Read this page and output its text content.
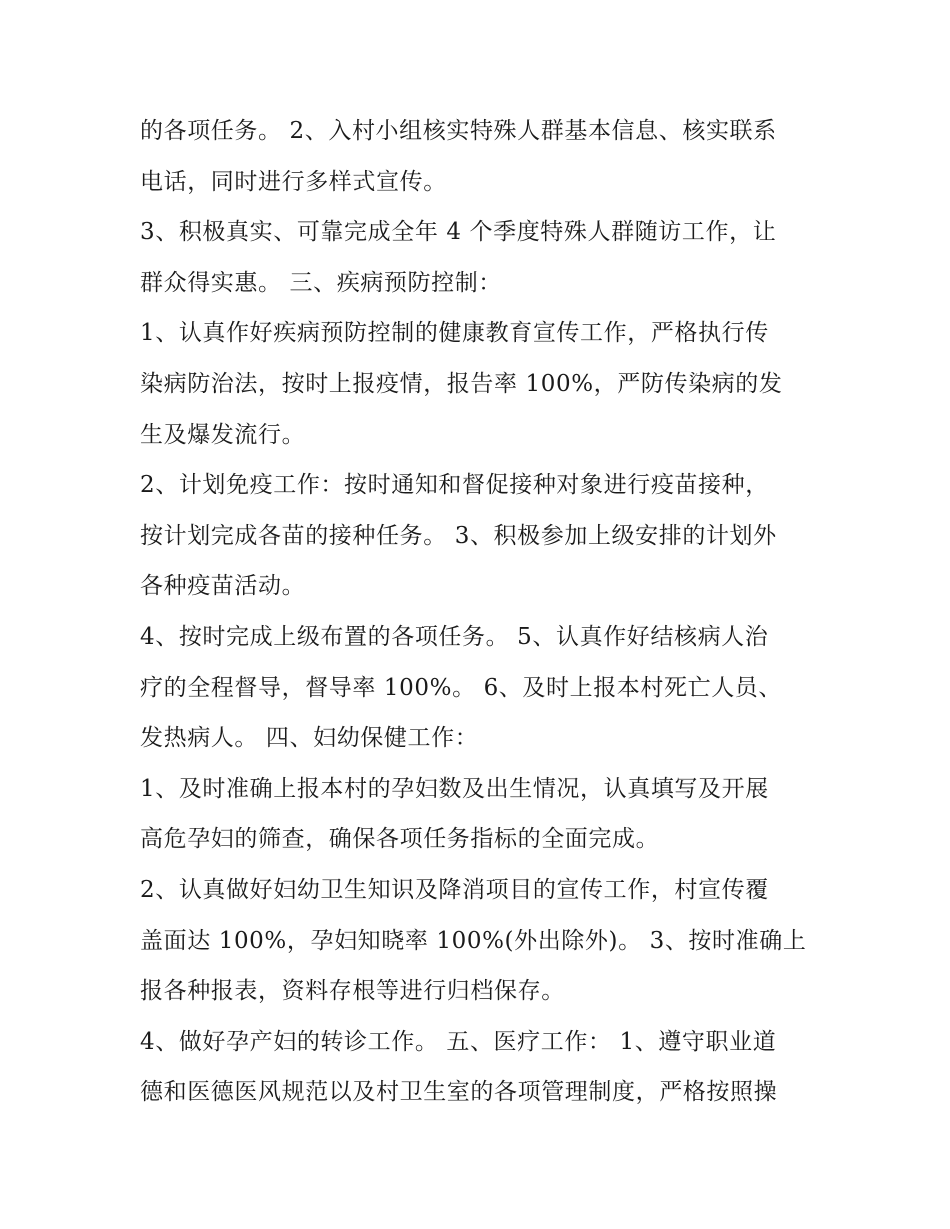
的各项任务。 2、入村小组核实特殊人群基本信息、核实联系
电话，同时进行多样式宣传。
3、积极真实、可靠完成全年 4 个季度特殊人群随访工作，让
群众得实惠。 三、疾病预防控制：
1、认真作好疾病预防控制的健康教育宣传工作，严格执行传
染病防治法，按时上报疫情，报告率 100%，严防传染病的发
生及爆发流行。
2、计划免疫工作：按时通知和督促接种对象进行疫苗接种，
按计划完成各苗的接种任务。 3、积极参加上级安排的计划外
各种疫苗活动。
4、按时完成上级布置的各项任务。 5、认真作好结核病人治
疗的全程督导，督导率 100%。 6、及时上报本村死亡人员、
发热病人。 四、妇幼保健工作：
1、及时准确上报本村的孕妇数及出生情况，认真填写及开展
高危孕妇的筛查，确保各项任务指标的全面完成。
2、认真做好妇幼卫生知识及降消项目的宣传工作，村宣传覆
盖面达 100%，孕妇知晓率 100%(外出除外)。 3、按时准确上
报各种报表，资料存根等进行归档保存。
4、做好孕产妇的转诊工作。 五、医疗工作： 1、遵守职业道
德和医德医风规范以及村卫生室的各项管理制度，严格按照操
